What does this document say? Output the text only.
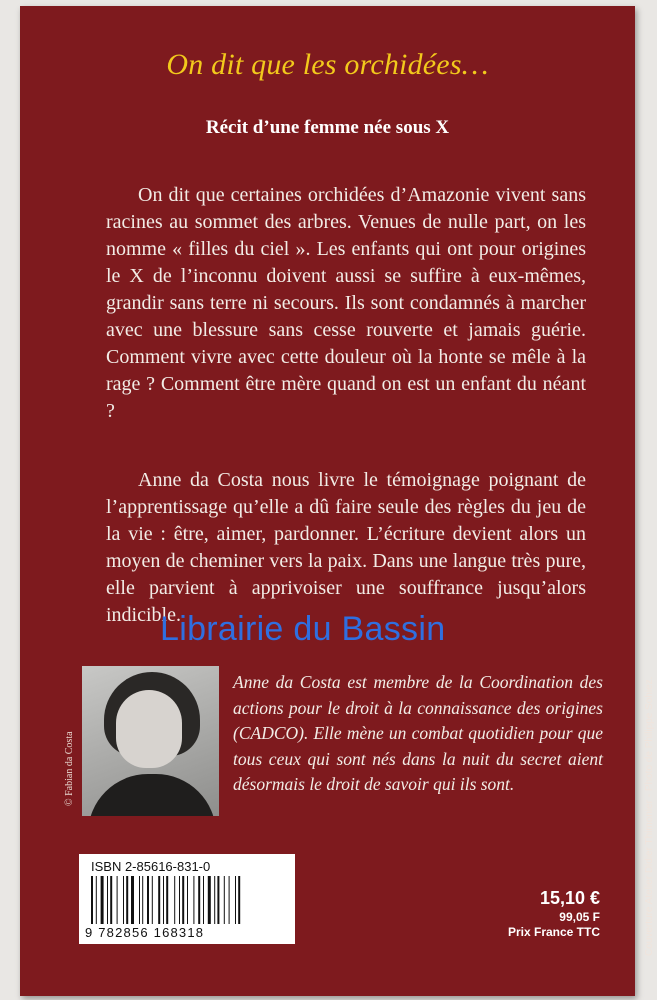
On dit que les orchidées…
Récit d’une femme née sous X

On dit que certaines orchidées d’Amazonie vivent sans racines au sommet des arbres. Venues de nulle part, on les nomme « filles du ciel ». Les enfants qui ont pour origines le X de l’inconnu doivent aussi se suffire à eux-mêmes, grandir sans terre ni secours. Ils sont condamnés à marcher avec une blessure sans cesse rouverte et jamais guérie. Comment vivre avec cette douleur où la honte se mêle à la rage ? Comment être mère quand on est un enfant du néant ?

Anne da Costa nous livre le témoignage poignant de l’apprentissage qu’elle a dû faire seule des règles du jeu de la vie : être, aimer, pardonner. L’écriture devient alors un moyen de cheminer vers la paix. Dans une langue très pure, elle parvient à apprivoiser une souffrance jusqu’alors indicible.

© Fabian da Costa

Anne da Costa est membre de la Coordination des actions pour le droit à la connaissance des origines (CADCO). Elle mène un combat quotidien pour que tous ceux qui sont nés dans la nuit du secret aient désormais le droit de savoir qui ils sont.

ISBN 2-85616-831-0
9 782856 168318
15,10 €
99,05 F
Prix France TTC	Couverture Atelier Didier Thimonier - Photo de Philippe Sohiez.
Librairie du Bassin
